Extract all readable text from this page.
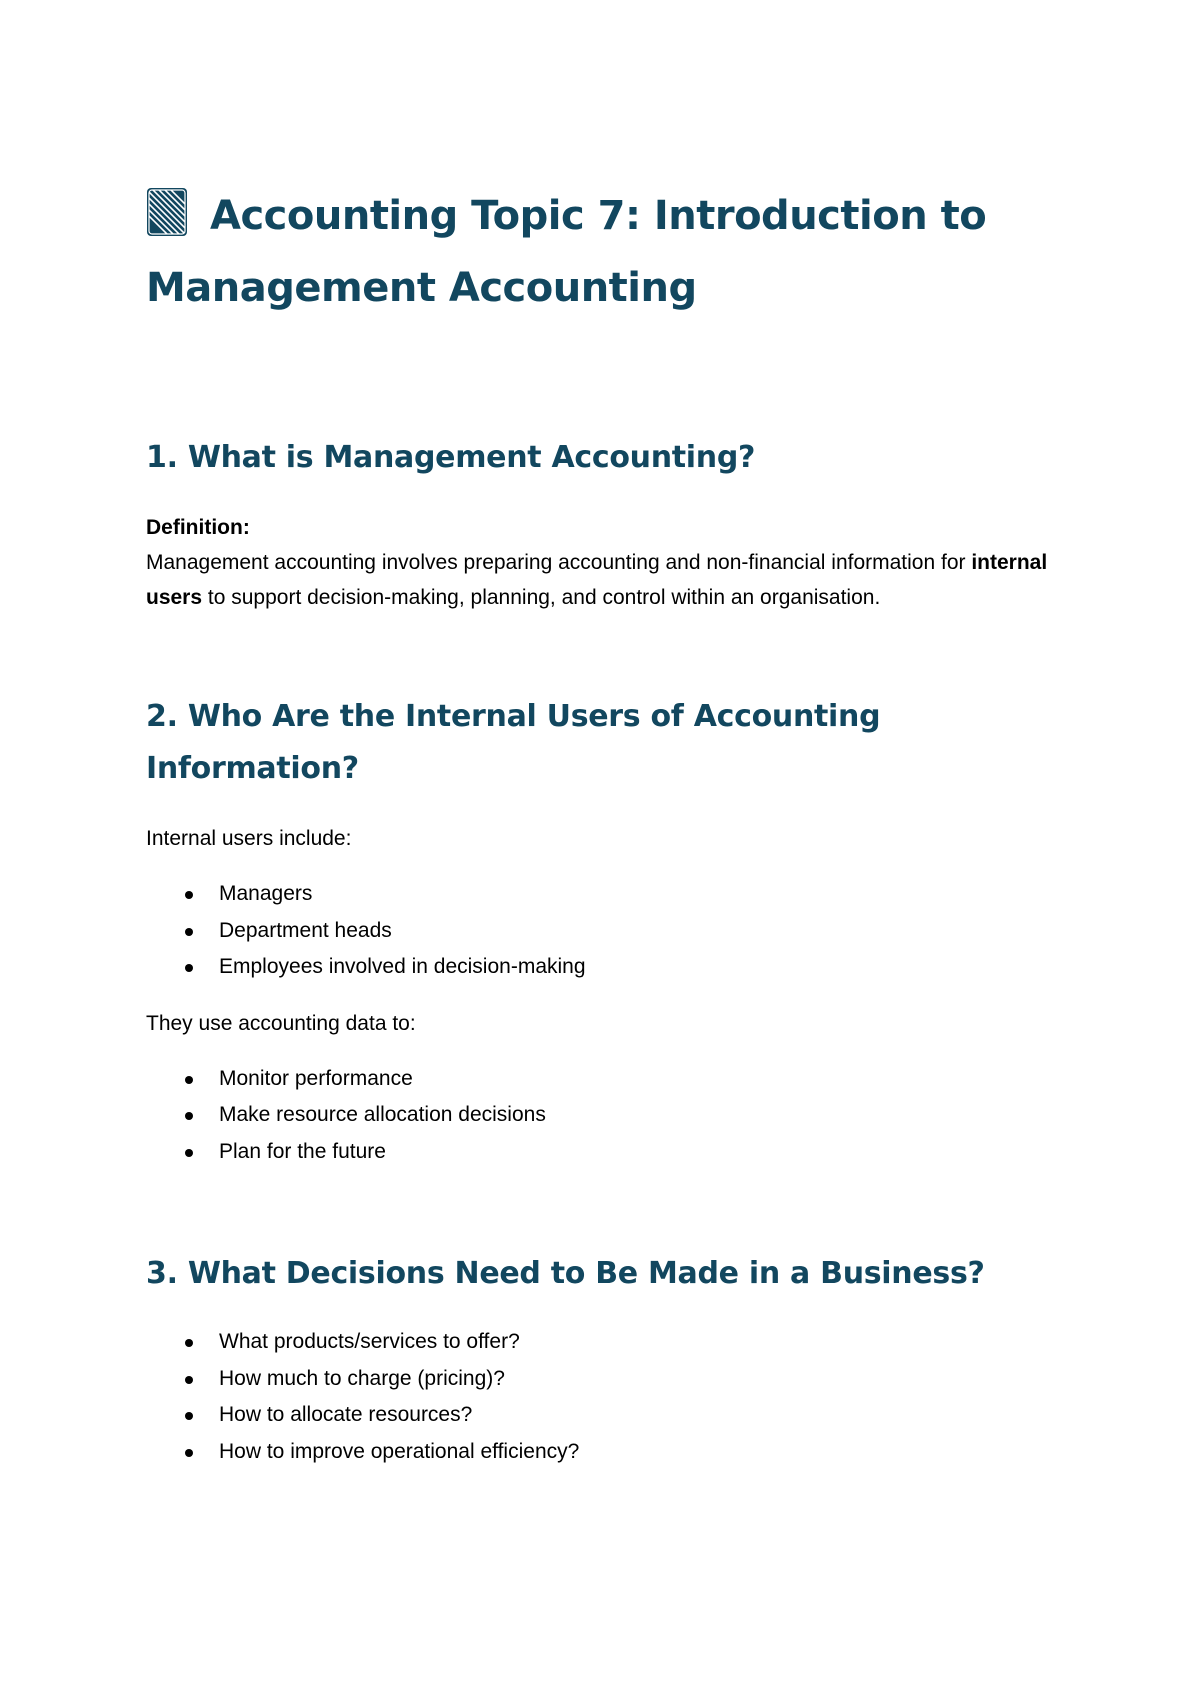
Accounting Topic 7: Introduction to Management Accounting
1. What is Management Accounting?

Definition:

Management accounting involves preparing accounting and non-financial information for internal users to support decision-making, planning, and control within an organisation.

2. Who Are the Internal Users of Accounting Information?

Internal users include:

Managers
Department heads
Employees involved in decision-making

They use accounting data to:

Monitor performance
Make resource allocation decisions
Plan for the future
3. What Decisions Need to Be Made in a Business?
What products/services to offer?
How much to charge (pricing)?
How to allocate resources?
How to improve operational efficiency?
